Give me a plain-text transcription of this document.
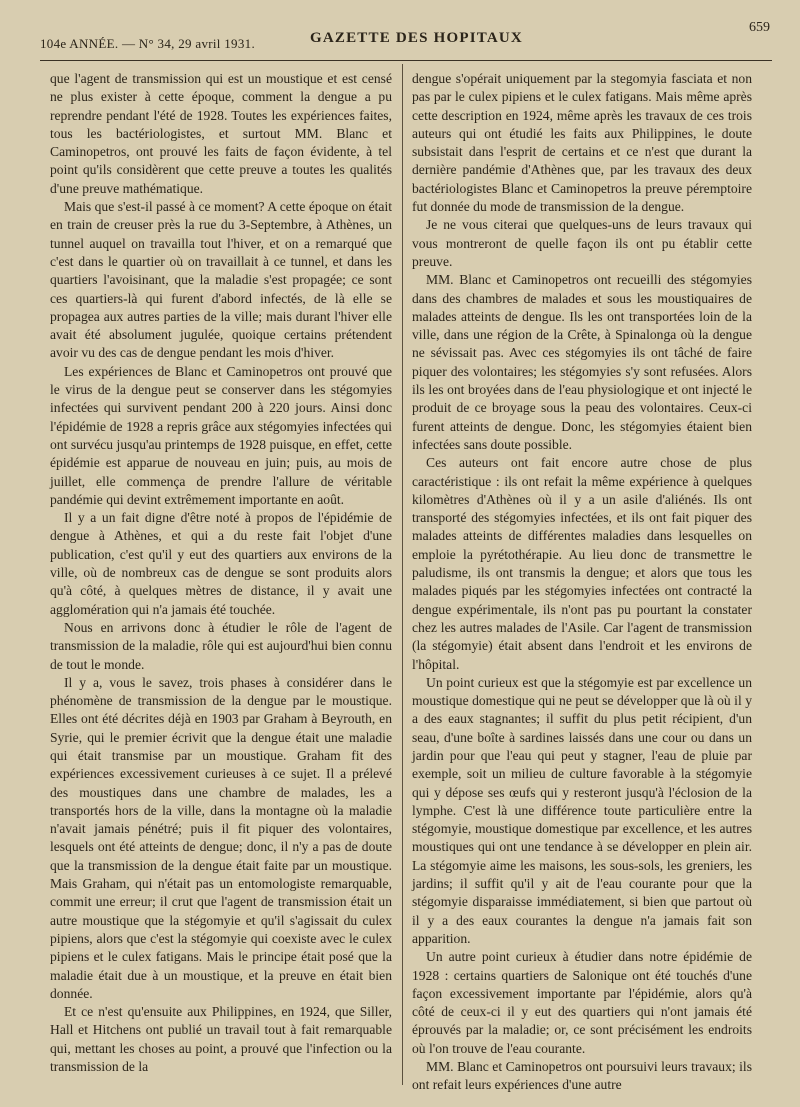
104e ANNÉE. — N° 34, 29 avril 1931.	GAZETTE DES HOPITAUX
659

que l'agent de transmission qui est un moustique et est censé ne plus exister à cette époque, comment la dengue a pu reprendre pendant l'été de 1928. Toutes les expériences faites, tous les bactériologistes, et surtout MM. Blanc et Caminopetros, ont prouvé les faits de façon évidente, à tel point qu'ils considèrent que cette preuve a toutes les qualités d'une preuve mathématique.

Mais que s'est-il passé à ce moment? A cette époque on était en train de creuser près la rue du 3-Septembre, à Athènes, un tunnel auquel on travailla tout l'hiver, et on a remarqué que c'est dans le quartier où on travaillait à ce tunnel, et dans les quartiers l'avoisinant, que la maladie s'est propagée; ce sont ces quartiers-là qui furent d'abord infectés, de là elle se propagea aux autres parties de la ville; mais durant l'hiver elle avait été absolument jugulée, quoique certains prétendent avoir vu des cas de dengue pendant les mois d'hiver.

Les expériences de Blanc et Caminopetros ont prouvé que le virus de la dengue peut se conserver dans les stégomyies infectées qui survivent pendant 200 à 220 jours. Ainsi donc l'épidémie de 1928 a repris grâce aux stégomyies infectées qui ont survécu jusqu'au printemps de 1928 puisque, en effet, cette épidémie est apparue de nouveau en juin; puis, au mois de juillet, elle commença de prendre l'allure de véritable pandémie qui devint extrêmement importante en août.

Il y a un fait digne d'être noté à propos de l'épidémie de dengue à Athènes, et qui a du reste fait l'objet d'une publication, c'est qu'il y eut des quartiers aux environs de la ville, où de nombreux cas de dengue se sont produits alors qu'à côté, à quelques mètres de distance, il y avait une agglomération qui n'a jamais été touchée.

Nous en arrivons donc à étudier le rôle de l'agent de transmission de la maladie, rôle qui est aujourd'hui bien connu de tout le monde.

Il y a, vous le savez, trois phases à considérer dans le phénomène de transmission de la dengue par le moustique. Elles ont été décrites déjà en 1903 par Graham à Beyrouth, en Syrie, qui le premier écrivit que la dengue était une maladie qui était transmise par un moustique. Graham fit des expériences excessivement curieuses à ce sujet. Il a prélevé des moustiques dans une chambre de malades, les a transportés hors de la ville, dans la montagne où la maladie n'avait jamais pénétré; puis il fit piquer des volontaires, lesquels ont été atteints de dengue; donc, il n'y a pas de doute que la transmission de la dengue était faite par un moustique. Mais Graham, qui n'était pas un entomologiste remarquable, commit une erreur; il crut que l'agent de transmission était un autre moustique que la stégomyie et qu'il s'agissait du culex pipiens, alors que c'est la stégomyie qui coexiste avec le culex pipiens et le culex fatigans. Mais le principe était posé que la maladie était due à un moustique, et la preuve en était bien donnée.

Et ce n'est qu'ensuite aux Philippines, en 1924, que Siller, Hall et Hitchens ont publié un travail tout à fait remarquable qui, mettant les choses au point, a prouvé que l'infection ou la transmission de la

dengue s'opérait uniquement par la stegomyia fasciata et non pas par le culex pipiens et le culex fatigans. Mais même après cette description en 1924, même après les travaux de ces trois auteurs qui ont étudié les faits aux Philippines, le doute subsistait dans l'esprit de certains et ce n'est que durant la dernière pandémie d'Athènes que, par les travaux des deux bactériologistes Blanc et Caminopetros la preuve péremptoire fut donnée du mode de transmission de la dengue.

Je ne vous citerai que quelques-uns de leurs travaux qui vous montreront de quelle façon ils ont pu établir cette preuve.

MM. Blanc et Caminopetros ont recueilli des stégomyies dans des chambres de malades et sous les moustiquaires de malades atteints de dengue. Ils les ont transportées loin de la ville, dans une région de la Crête, à Spinalonga où la dengue ne sévissait pas. Avec ces stégomyies ils ont tâché de faire piquer des volontaires; les stégomyies s'y sont refusées. Alors ils les ont broyées dans de l'eau physiologique et ont injecté le produit de ce broyage sous la peau des volontaires. Ceux-ci furent atteints de dengue. Donc, les stégomyies étaient bien infectées sans doute possible.

Ces auteurs ont fait encore autre chose de plus caractéristique : ils ont refait la même expérience à quelques kilomètres d'Athènes où il y a un asile d'aliénés. Ils ont transporté des stégomyies infectées, et ils ont fait piquer des malades atteints de différentes maladies dans lesquelles on emploie la pyrétothérapie. Au lieu donc de transmettre le paludisme, ils ont transmis la dengue; et alors que tous les malades piqués par les stégomyies infectées ont contracté la dengue expérimentale, ils n'ont pas pu pourtant la constater chez les autres malades de l'Asile. Car l'agent de transmission (la stégomyie) était absent dans l'endroit et les environs de l'hôpital.

Un point curieux est que la stégomyie est par excellence un moustique domestique qui ne peut se développer que là où il y a des eaux stagnantes; il suffit du plus petit récipient, d'un seau, d'une boîte à sardines laissés dans une cour ou dans un jardin pour que l'eau qui peut y stagner, l'eau de pluie par exemple, soit un milieu de culture favorable à la stégomyie qui y dépose ses œufs qui y resteront jusqu'à l'éclosion de la lymphe. C'est là une différence toute particulière entre la stégomyie, moustique domestique par excellence, et les autres moustiques qui ont une tendance à se développer en plein air. La stégomyie aime les maisons, les sous-sols, les greniers, les jardins; il suffit qu'il y ait de l'eau courante pour que la stégomyie disparaisse immédiatement, si bien que partout où il y a des eaux courantes la dengue n'a jamais fait son apparition.

Un autre point curieux à étudier dans notre épidémie de 1928 : certains quartiers de Salonique ont été touchés d'une façon excessivement importante par l'épidémie, alors qu'à côté de ceux-ci il y eut des quartiers qui n'ont jamais été éprouvés par la maladie; or, ce sont précisément les endroits où l'on trouve de l'eau courante.

MM. Blanc et Caminopetros ont poursuivi leurs travaux; ils ont refait leurs expériences d'une autre
